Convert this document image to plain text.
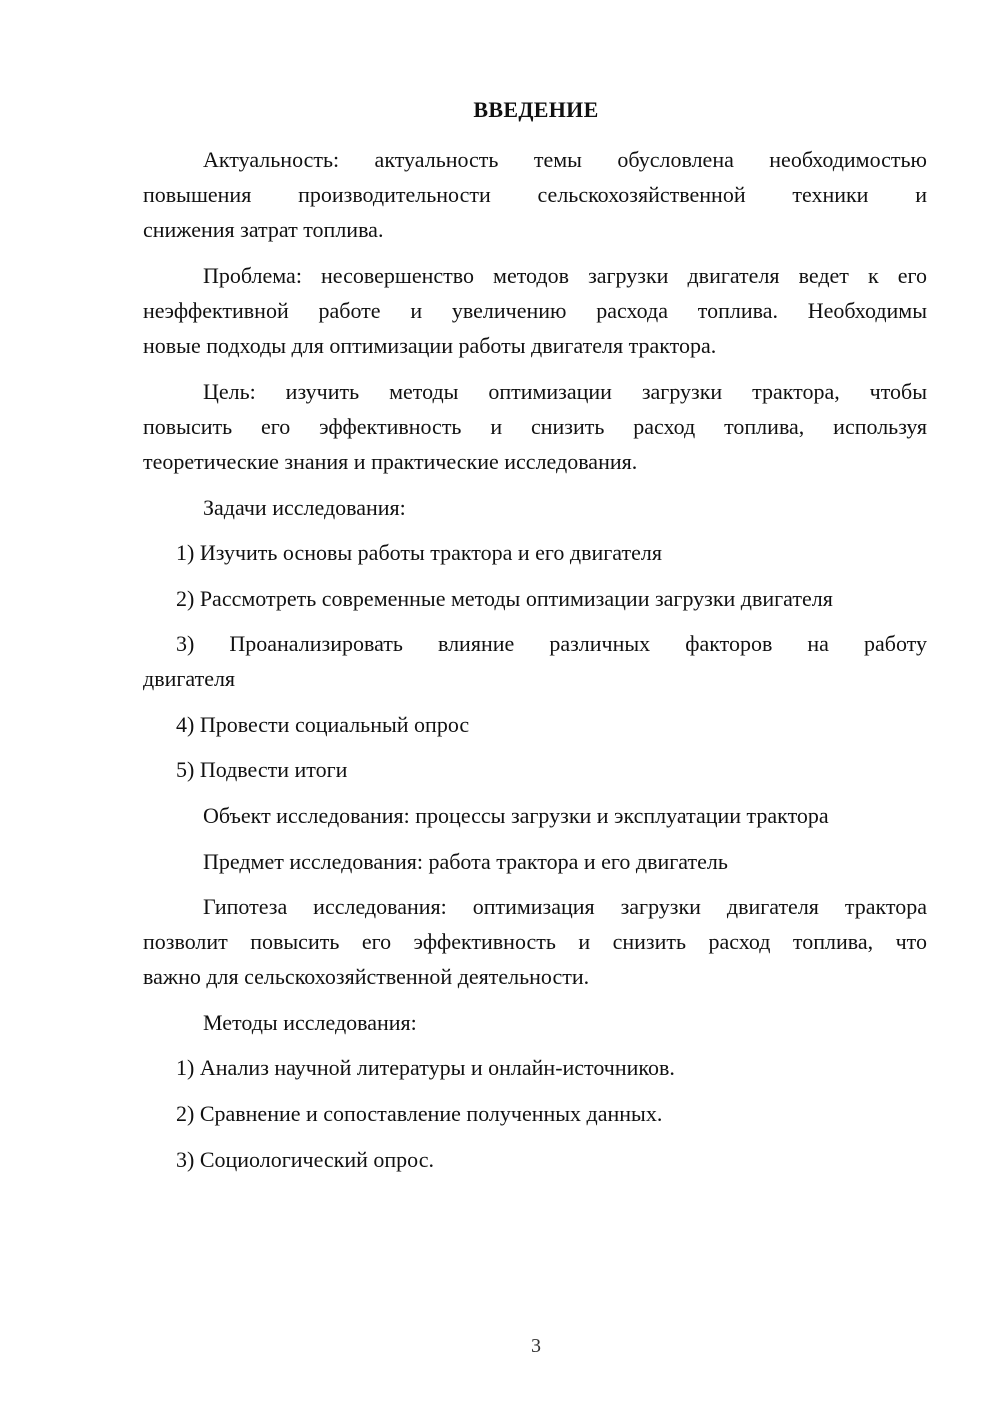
ВВЕДЕНИЕ
Актуальность: актуальность темы обусловлена необходимостью
повышения производительности сельскохозяйственной техники и
снижения затрат топлива.
Проблема: несовершенство методов загрузки двигателя ведет к его
неэффективной работе и увеличению расхода топлива. Необходимы
новые подходы для оптимизации работы двигателя трактора.
Цель: изучить методы оптимизации загрузки трактора, чтобы
повысить его эффективность и снизить расход топлива, используя
теоретические знания и практические исследования.
Задачи исследования:
1) Изучить основы работы трактора и его двигателя
2) Рассмотреть современные методы оптимизации загрузки двигателя
3) Проанализировать влияние различных факторов на работу
двигателя
4) Провести социальный опрос
5) Подвести итоги
Объект исследования: процессы загрузки и эксплуатации трактора
Предмет исследования: работа трактора и его двигатель
Гипотеза исследования: оптимизация загрузки двигателя трактора
позволит повысить его эффективность и снизить расход топлива, что
важно для сельскохозяйственной деятельности.
Методы исследования:
1) Анализ научной литературы и онлайн-источников.
2) Сравнение и сопоставление полученных данных.
3) Социологический опрос.
3
